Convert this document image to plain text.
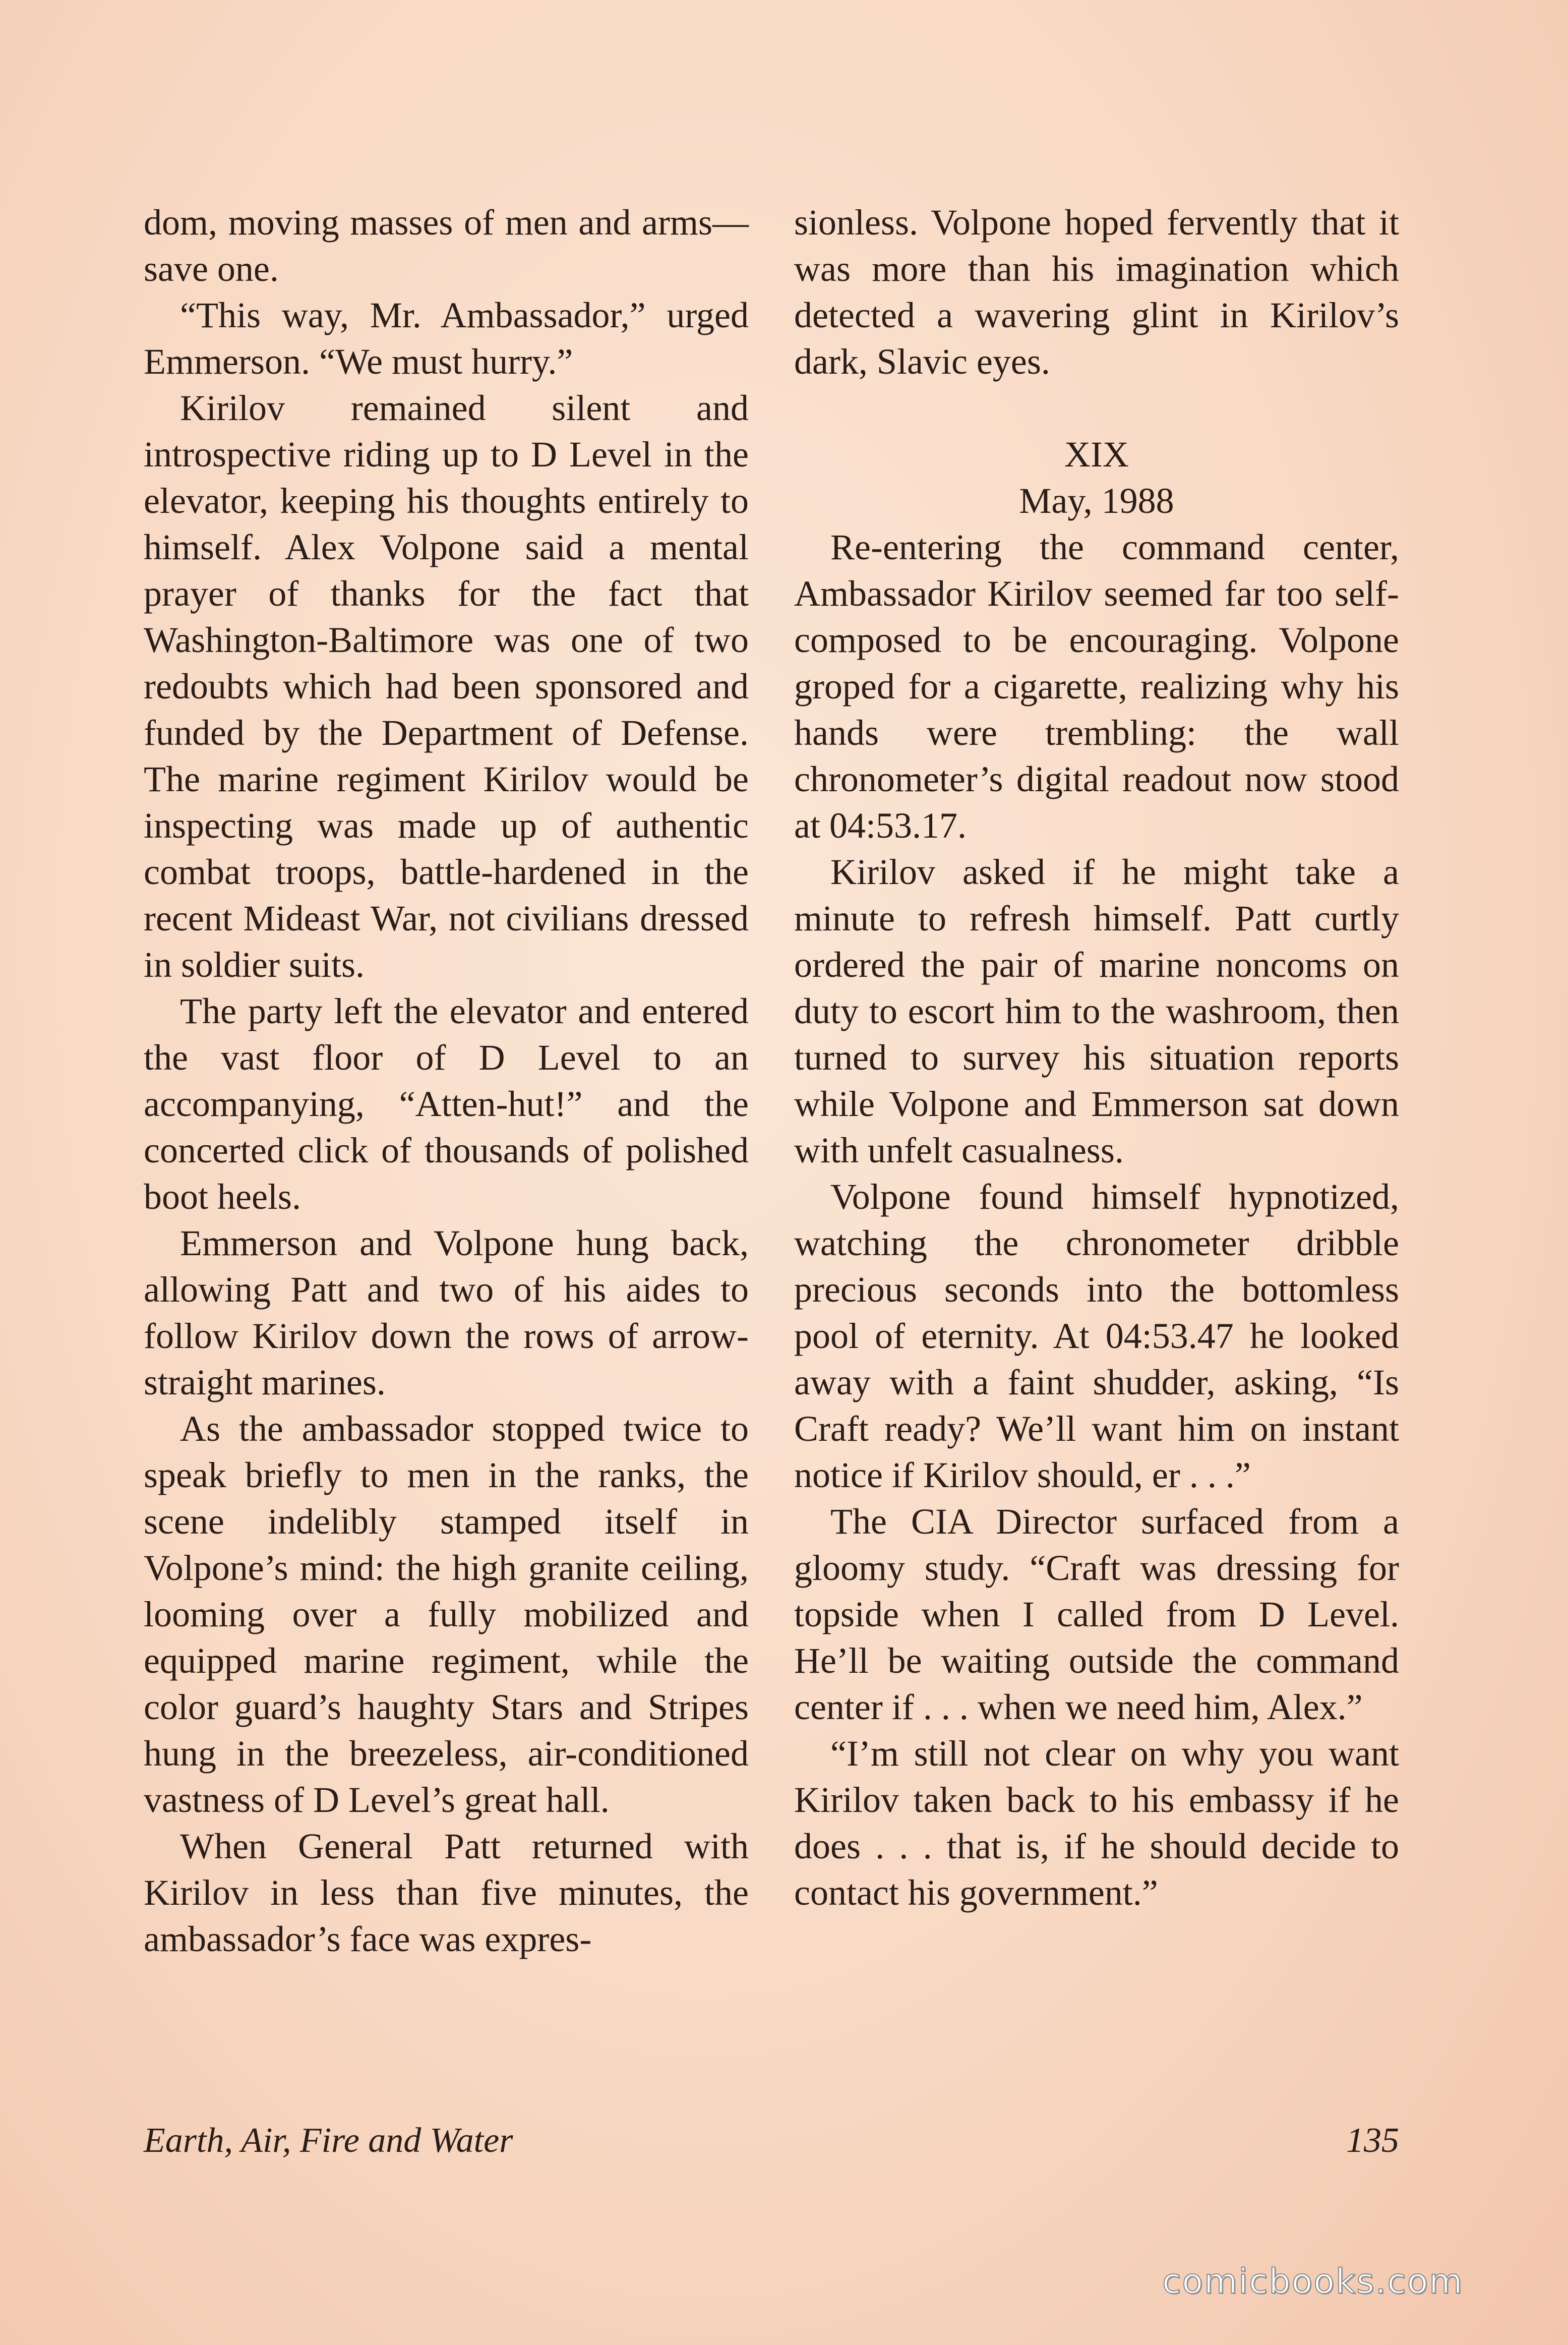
dom, moving masses of men and arms—save one.

“This way, Mr. Ambassador,” urged Emmerson. “We must hurry.”

Kirilov remained silent and introspective riding up to D Level in the elevator, keeping his thoughts entirely to himself. Alex Volpone said a mental prayer of thanks for the fact that Washington-Baltimore was one of two redoubts which had been sponsored and funded by the Department of Defense. The marine regiment Kirilov would be inspecting was made up of authentic combat troops, battle-hardened in the recent Mideast War, not civilians dressed in soldier suits.

The party left the elevator and entered the vast floor of D Level to an accompanying, “Atten-hut!” and the concerted click of thousands of polished boot heels.

Emmerson and Volpone hung back, allowing Patt and two of his aides to follow Kirilov down the rows of arrow-straight marines.

As the ambassador stopped twice to speak briefly to men in the ranks, the scene indelibly stamped itself in Volpone’s mind: the high granite ceiling, looming over a fully mobilized and equipped marine regiment, while the color guard’s haughty Stars and Stripes hung in the breezeless, air-conditioned vastness of D Level’s great hall.

When General Patt returned with Kirilov in less than five minutes, the ambassador’s face was expres-

sionless. Volpone hoped fervently that it was more than his imagination which detected a wavering glint in Kirilov’s dark, Slavic eyes.

XIX
May, 1988

Re-entering the command center, Ambassador Kirilov seemed far too self-composed to be encouraging. Volpone groped for a cigarette, realizing why his hands were trembling: the wall chronometer’s digital readout now stood at 04:53.17.

Kirilov asked if he might take a minute to refresh himself. Patt curtly ordered the pair of marine noncoms on duty to escort him to the washroom, then turned to survey his situation reports while Volpone and Emmerson sat down with unfelt casualness.

Volpone found himself hypnotized, watching the chronometer dribble precious seconds into the bottomless pool of eternity. At 04:53.47 he looked away with a faint shudder, asking, “Is Craft ready? We’ll want him on instant notice if Kirilov should, er . . .”

The CIA Director surfaced from a gloomy study. “Craft was dressing for topside when I called from D Level. He’ll be waiting outside the command center if . . . when we need him, Alex.”

“I’m still not clear on why you want Kirilov taken back to his embassy if he does . . . that is, if he should decide to contact his government.”

Earth, Air, Fire and Water	135
comicbooks.com
